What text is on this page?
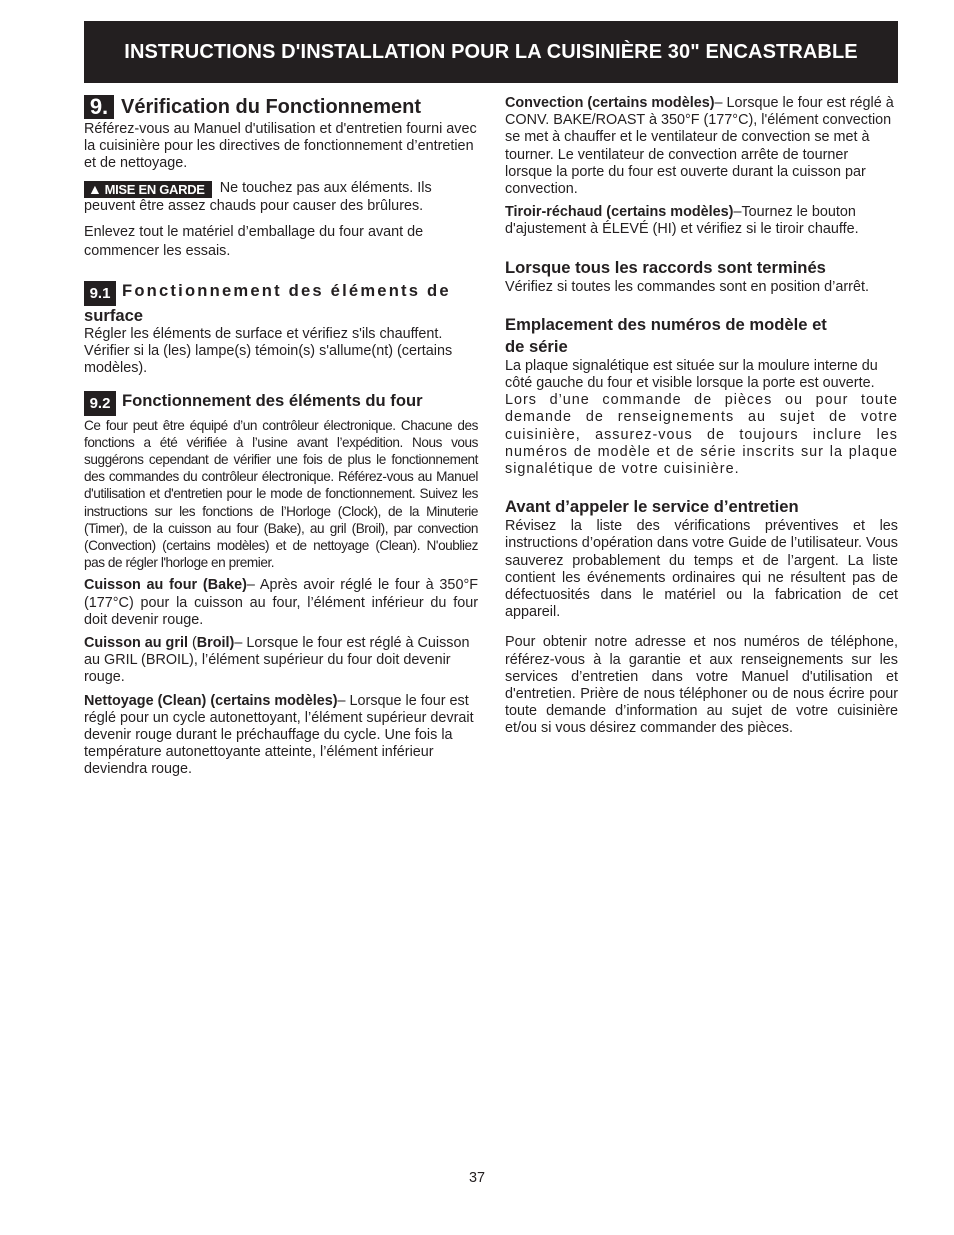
INSTRUCTIONS D'INSTALLATION POUR LA CUISINIÈRE 30" ENCASTRABLE
9. Vérification du Fonctionnement

Référez-vous au Manuel d'utilisation et d'entretien fourni avec la cuisinière pour les directives de fonctionnement d’entretien et de nettoyage.

▲ MISE EN GARDE Ne touchez pas aux éléments. Ils peuvent être assez chauds pour causer des brûlures.

Enlevez tout le matériel d’emballage du four avant de commencer les essais.

9.1 Fonctionnement des éléments de
surface

Régler les éléments de surface et vérifiez s'ils chauffent. Vérifier si la (les) lampe(s) témoin(s) s'allume(nt) (certains modèles).

9.2 Fonctionnement des éléments du four

Ce four peut être équipé d’un contrôleur électronique. Chacune des fonctions a été vérifiée à l’usine avant l’expédition. Nous vous suggérons cependant de vérifier une fois de plus le fonctionnement des commandes du contrôleur électronique. Référez-vous au Manuel d'utilisation et d'entretien pour le mode de fonctionnement. Suivez les instructions sur les fonctions de l’Horloge (Clock), de la Minuterie (Timer), de la cuisson au four (Bake), au gril (Broil), par convection (Convection) (certains modèles) et de nettoyage (Clean). N'oubliez pas de régler l'horloge en premier.

Cuisson au four (Bake)– Après avoir réglé le four à 350°F (177°C) pour la cuisson au four, l’élément inférieur du four doit devenir rouge.

Cuisson au gril (Broil)– Lorsque le four est réglé à Cuisson au GRIL (BROIL), l’élément supérieur du four doit devenir rouge.

Nettoyage (Clean) (certains modèles)– Lorsque le four est réglé pour un cycle autonettoyant, l’élément supérieur devrait devenir rouge durant le préchauffage du cycle. Une fois la température autonettoyante atteinte, l’élément inférieur deviendra rouge.

Convection (certains modèles)– Lorsque le four est réglé à CONV. BAKE/ROAST à 350°F (177°C), l'élément convection se met à chauffer et le ventilateur de convection se met à tourner. Le ventilateur de convection arrête de tourner lorsque la porte du four est ouverte durant la cuisson par convection.

Tiroir-réchaud (certains modèles)–Tournez le bouton d'ajustement à ÉLEVÉ (HI) et vérifiez si le tiroir chauffe.

Lorsque tous les raccords sont terminés

Vérifiez si toutes les commandes sont en position d’arrêt.

Emplacement des numéros de modèle et
de série

La plaque signalétique est située sur la moulure interne du côté gauche du four et visible lorsque la porte est ouverte.

Lors d’une commande de pièces ou pour toute demande de renseignements au sujet de votre cuisinière, assurez-vous de toujours inclure les numéros de modèle et de série inscrits sur la plaque signalétique de votre cuisinière.

Avant d’appeler le service d’entretien

Révisez la liste des vérifications préventives et les instructions d’opération dans votre Guide de l’utilisateur. Vous sauverez probablement du temps et de l’argent. La liste contient les événements ordinaires qui ne résultent pas de défectuosités dans le matériel ou la fabrication de cet appareil.

Pour obtenir notre adresse et nos numéros de téléphone, référez-vous à la garantie et aux renseignements sur les services d’entretien dans votre Manuel d'utilisation et d'entretien. Prière de nous téléphoner ou de nous écrire pour toute demande d’information au sujet de votre cuisinière et/ou si vous désirez commander des pièces.

37
